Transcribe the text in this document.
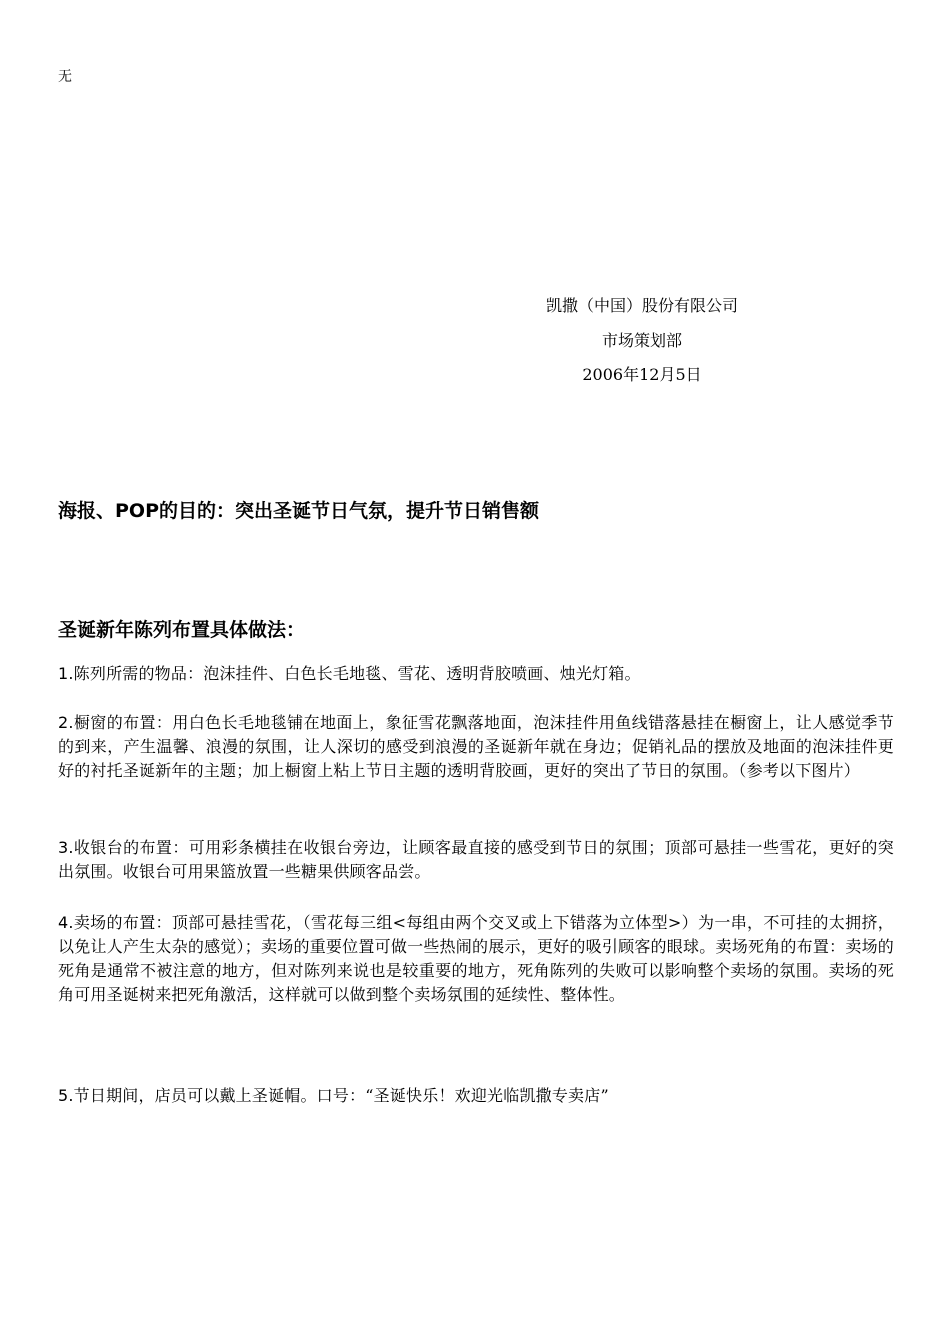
无
凯撒（中国）股份有限公司
市场策划部
2006年12月5日
海报、POP的目的：突出圣诞节日气氛，提升节日销售额
圣诞新年陈列布置具体做法：
1.陈列所需的物品：泡沫挂件、白色长毛地毯、雪花、透明背胶喷画、烛光灯箱。
2.橱窗的布置：用白色长毛地毯铺在地面上，象征雪花飘落地面，泡沫挂件用鱼线错落悬挂在橱窗上，让人感觉季节的到来，产生温馨、浪漫的氛围，让人深切的感受到浪漫的圣诞新年就在身边；促销礼品的摆放及地面的泡沫挂件更好的衬托圣诞新年的主题；加上橱窗上粘上节日主题的透明背胶画，更好的突出了节日的氛围。（参考以下图片）
3.收银台的布置：可用彩条横挂在收银台旁边，让顾客最直接的感受到节日的氛围；顶部可悬挂一些雪花，更好的突出氛围。收银台可用果篮放置一些糖果供顾客品尝。
4.卖场的布置：顶部可悬挂雪花，（雪花每三组<每组由两个交叉或上下错落为立体型>）为一串，不可挂的太拥挤，以免让人产生太杂的感觉）；卖场的重要位置可做一些热闹的展示，更好的吸引顾客的眼球。卖场死角的布置：卖场的死角是通常不被注意的地方，但对陈列来说也是较重要的地方，死角陈列的失败可以影响整个卖场的氛围。卖场的死角可用圣诞树来把死角激活，这样就可以做到整个卖场氛围的延续性、整体性。
5.节日期间，店员可以戴上圣诞帽。口号：“圣诞快乐！欢迎光临凯撒专卖店”
